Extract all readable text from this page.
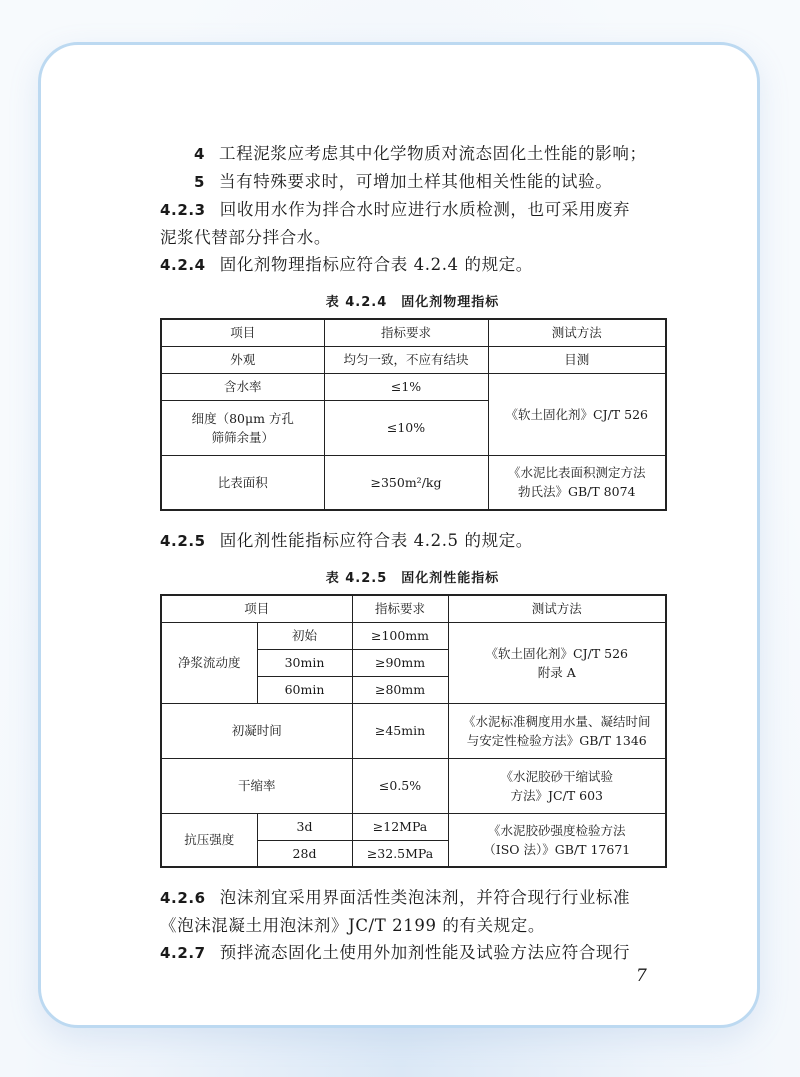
4 工程泥浆应考虑其中化学物质对流态固化土性能的影响；
5 当有特殊要求时，可增加土样其他相关性能的试验。
4.2.3 回收用水作为拌合水时应进行水质检测，也可采用废弃
泥浆代替部分拌合水。
4.2.4 固化剂物理指标应符合表 4.2.4 的规定。
表 4.2.4 固化剂物理指标
项目	指标要求	测试方法
外观	均匀一致，不应有结块	目测
含水率	≤1%	《软土固化剂》CJ/T 526

细度（80μm 方孔
筛筛余量）	≤10%	
比表面积	≥350m²/kg	《水泥比表面积测定方法
勃氏法》GB/T 8074
4.2.5 固化剂性能指标应符合表 4.2.5 的规定。
表 4.2.5 固化剂性能指标
项目		指标要求	测试方法
净浆流动度	初始	≥100mm	《软土固化剂》CJ/T 526
附录 A

	30min	≥90mm	
	60min	≥80mm	
初凝时间		≥45min	《水泥标准稠度用水量、凝结时间
与安定性检验方法》GB/T 1346

干缩率		≤0.5%	《水泥胶砂干缩试验
方法》JC/T 603

抗压强度	3d	≥12MPa	《水泥胶砂强度检验方法
（ISO 法）》GB/T 17671

	28d	≥32.5MPa	
4.2.6 泡沫剂宜采用界面活性类泡沫剂，并符合现行行业标准
《泡沫混凝土用泡沫剂》JC/T 2199 的有关规定。
4.2.7 预拌流态固化土使用外加剂性能及试验方法应符合现行
7
